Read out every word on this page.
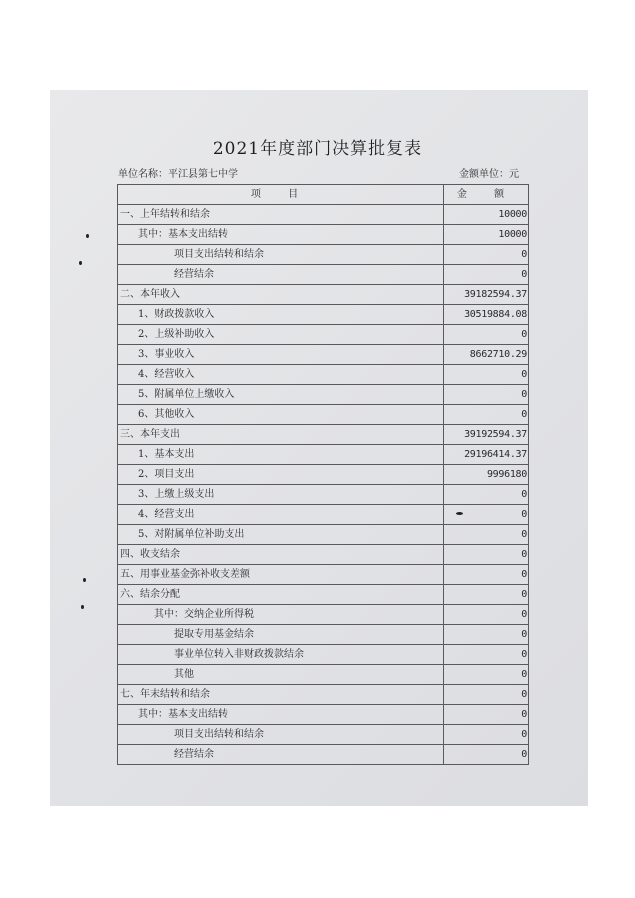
2021年度部门决算批复表
单位名称：平江县第七中学	金额单位：元
项 目	金 额
一、上年结转和结余	10000
其中：基本支出结转	10000
项目支出结转和结余	0
经营结余	0
二、本年收入	39182594.37
1、财政拨款收入	30519884.08
2、上级补助收入	0
3、事业收入	8662710.29
4、经营收入	0
5、附属单位上缴收入	0
6、其他收入	0
三、本年支出	39192594.37
1、基本支出	29196414.37
2、项目支出	9996180
3、上缴上级支出	0
4、经营支出	0
5、对附属单位补助支出	0
四、收支结余	0
五、用事业基金弥补收支差额	0
六、结余分配	0
其中：交纳企业所得税	0
提取专用基金结余	0
事业单位转入非财政拨款结余	0
其他	0
七、年末结转和结余	0
其中：基本支出结转	0
项目支出结转和结余	0
经营结余	0
